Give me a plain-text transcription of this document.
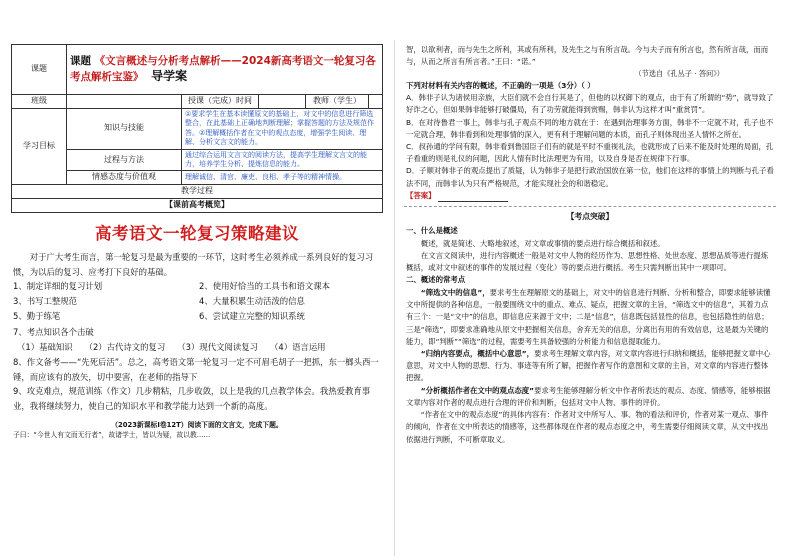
课题	课题 《文言概述与分析考点解析——2024新高考语文一轮复习各考点解析宝鉴》 导学案				
班级		授课（完成）时间		教师（学生）	
学习目标	知识与技能	①要求学生在基本读懂原文的基础上，对文中的信息进行筛选整合，在此基础上正确地判断理解；掌握答题的方法及规范作答。②理解概括作者在文中的观点态度，增强学生阅读、理解、分析文言文的能力。			
	过程与方法	通过综合运用文言文的阅读方法，提高学生理解文言文的能力，培养学生分析、提炼信息的能力。			
	情感态度与价值观	理解诚信、清官、廉吏、良相、孝子等的精神情操。			
教学过程					
【课前高考概览】					
高考语文一轮复习策略建议

对于广大考生而言，第一轮复习是最为重要的一环节，这时考生必须养成一系列良好的复习习惯，为以后的复习、应考打下良好的基础。

1、制定详细的复习计划	2、使用好恰当的工具书和语文课本
3、书写工整规范	4、大量积累生动活泼的信息
5、勤于练笔	6、尝试建立完整的知识系统
7、考点知识各个击破
（1）基础知识 （2）古代诗文的复习 （3）现代文阅读复习 （4）语言运用

8、作文备考——“先死后活”。总之，高考语文第一轮复习一定不可眉毛胡子一把抓，东一榔头西一锤，而应该有的放矢，切中要害，在老师的指导下

9、攻克难点，规范训练（作文）几步精粘，几步收敛，以上是我的几点教学体会。我热爱教育事业，我将继续努力，使自己的知识水平和教学能力达到一个新的高度。

（2023新课标Ⅰ卷12T）阅读下面的文言文，完成下题。
子曰：“今世人有文而无行者”，故诸学士，皆以为疑，故以教……

智，以欲利者，而与先生之所利，其或有所利，及先生之与有所言哉。今与夫子而有所言也，然有所言哉，而而与，从而之所言有所言者。”王曰：“诺。”

（节选自《孔丛子 · 答问》）

下列对材料有关内容的概述，不正确的一项是（3分）（ ）

A．韩非子认为诸侯用亲族，大臣们就不会自行其是了，但他的以权御下的观点，由于有了所谓的“势”，就导致了好诈之心，但如果韩非能够打破僵局，有了功劳就能得到赏赐，韩非认为这样才叫“重赏罚”。

B．在对待鲁君一事上，韩非与孔子观点不同的地方就在于：在遇到治理事务方面，韩非不一定就不对，孔子也不一定就合理，韩非看到和处理事情的深入，更有利于理解问题的本质，而孔子则体现出圣人情怀之所在。

C．叔孙通的学问有限，韩非看到鲁国臣子们有的就是平时不重视礼法，也就形成了后来不能及时处理的局面，孔子看重的则是礼仪的问题，因此人情有时比法理更为有用，以及自身是否在规律下行事。

D．子顺对韩非子的观点提出了质疑，认为韩非子是把行政治国放在第一位，他们在这样的事情上的判断与孔子看法不同，而韩非认为只有严格规范，才能实现社会的和谐稳定。

【答案】

【考点突破】
一、什么是概述

概述，就是简述、大略地叙述，对文章或事情的要点进行综合概括和叙述。

在文言文阅读中，进行内容概述一般是对文中人物的经历作为、思想性格、处世态度、思想品质等进行提炼概括，或对文中叙述的事件的发展过程（变化）等的要点进行概括。考生只需判断出其中一项即可。

二、概述的常考点

“筛选文中的信息”，要求考生在理解原文的基础上，对文中的信息进行判断、分析和整合，即要求能够读懂文中所提供的各种信息，一般要围绕文中的重点、难点、疑点，把握文章的主旨，“筛选文中的信息”，其着力点有三个：一是“文中”的信息，即信息应来源于文中；二是“信息”，信息既包括显性的信息，也包括隐性的信息；三是“筛选”，即要求准确地从原文中把握相关信息，舍弃无关的信息，分离出有用的有效信息，这是最为关键的能力，即“判断”“筛选”的过程，需要考生具备较强的分析能力和信息提取能力。

“归纳内容要点，概括中心意思”，要求考生理解文章内容，对文章内容进行归纳和概括，能够把握文章中心意思，对文中人物的思想、行为、事迹等有所了解，把握作者写作的意图和文章的主旨，对文章的内容进行整体把握。

“分析概括作者在文中的观点态度”要求考生能够理解分析文中作者所表达的观点、态度、情感等，能够根据文章内容对作者的观点进行合理的评价和判断，包括对文中人物、事件的评价。

“作者在文中的观点态度”的具体内容有：作者对文中所写人、事、物的看法和评价，作者对某一观点、事件的倾向，作者在文中所表达的情感等，这些都体现在作者的观点态度之中，考生需要仔细阅读文章，从文中找出依据进行判断，不可断章取义。
